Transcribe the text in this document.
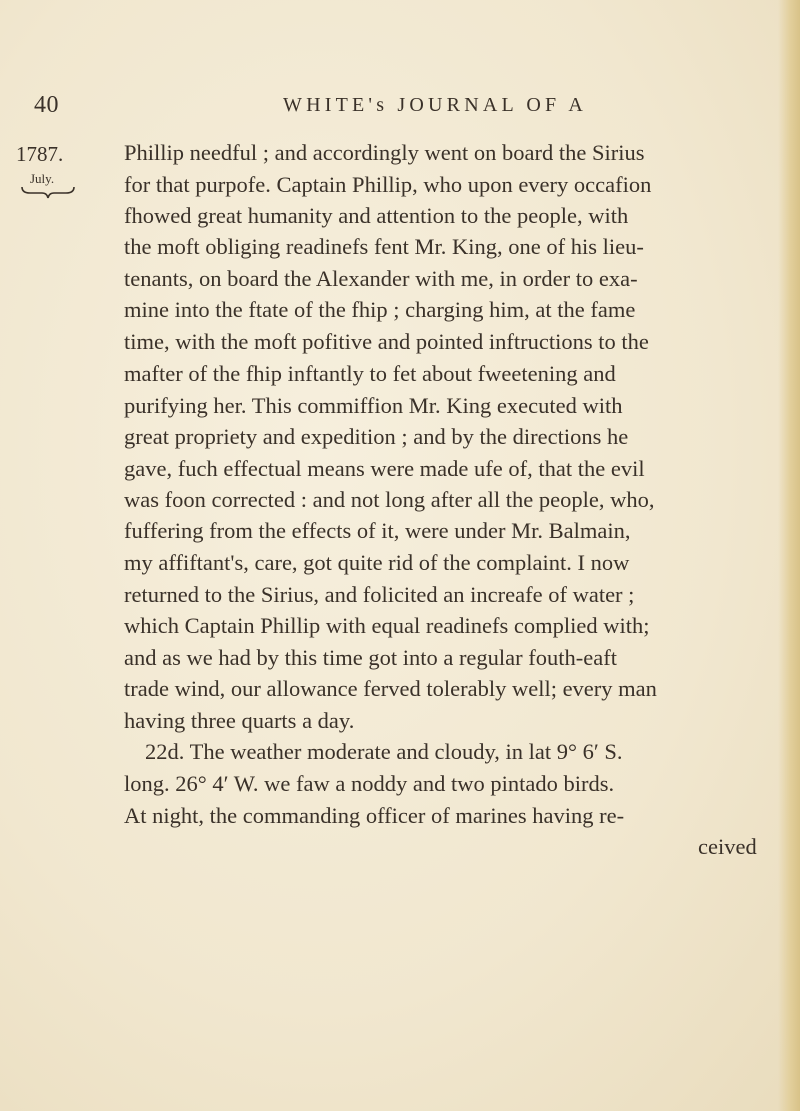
40	WHITE's JOURNAL OF A
1787.
July.
Phillip needful ; and accordingly went on board the Sirius
for that purpofe. Captain Phillip, who upon every occafion
fhowed great humanity and attention to the people, with
the moft obliging readinefs fent Mr. King, one of his lieu-
tenants, on board the Alexander with me, in order to exa-
mine into the ftate of the fhip ; charging him, at the fame
time, with the moft pofitive and pointed inftructions to the
mafter of the fhip inftantly to fet about fweetening and
purifying her. This commiffion Mr. King executed with
great propriety and expedition ; and by the directions he
gave, fuch effectual means were made ufe of, that the evil
was foon corrected : and not long after all the people, who,
fuffering from the effects of it, were under Mr. Balmain,
my affiftant's, care, got quite rid of the complaint. I now
returned to the Sirius, and folicited an increafe of water ;
which Captain Phillip with equal readinefs complied with;
and as we had by this time got into a regular fouth-eaft
trade wind, our allowance ferved tolerably well; every man
having three quarts a day.
22d. The weather moderate and cloudy, in lat 9° 6′ S.
long. 26° 4′ W. we faw a noddy and two pintado birds.
At night, the commanding officer of marines having re-
ceived
